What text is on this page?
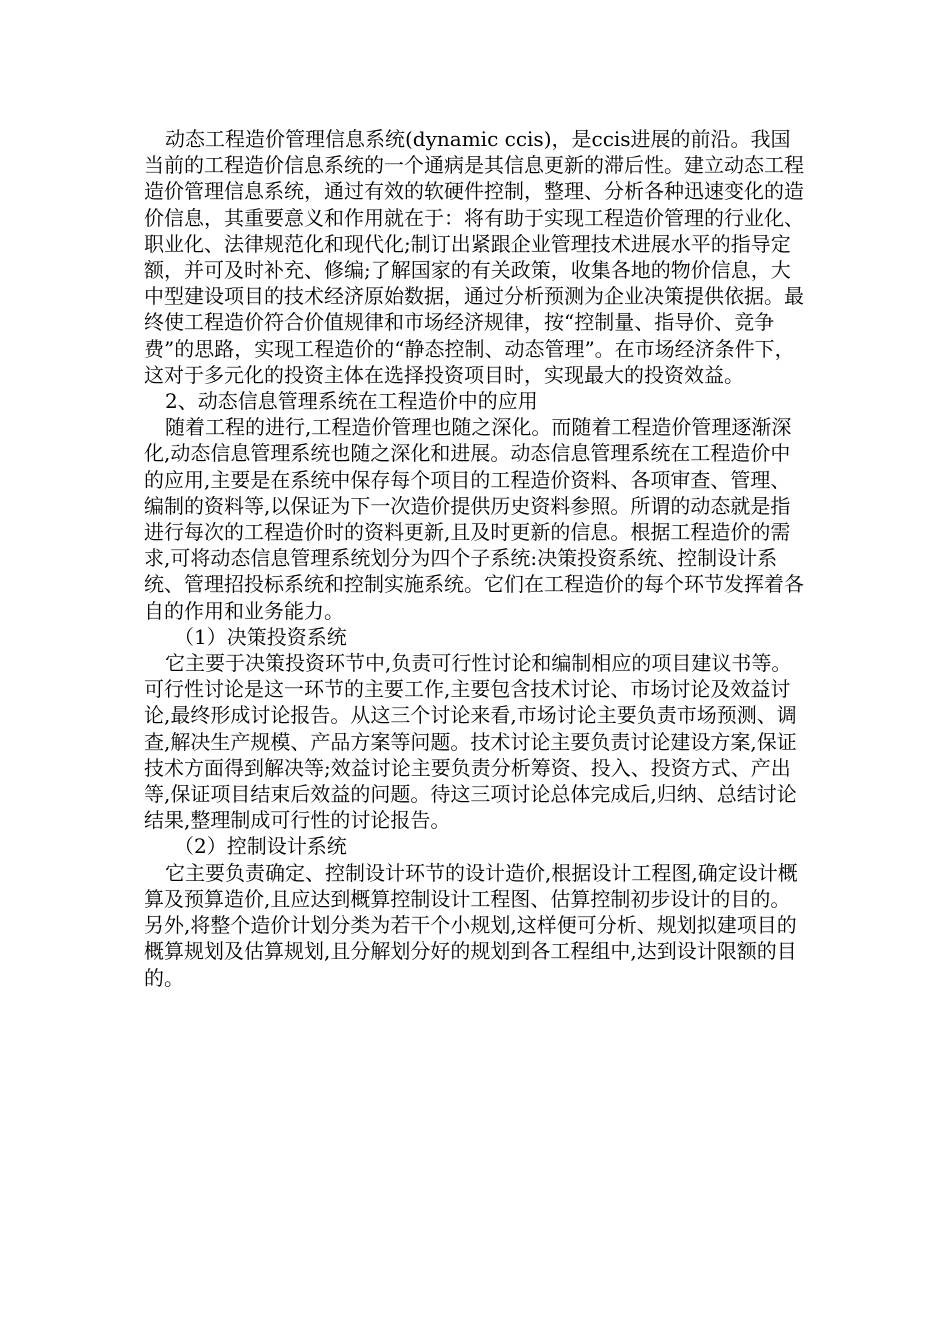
动态工程造价管理信息系统(dynamic ccis)，是ccis进展的前沿。我国当前的工程造价信息系统的一个通病是其信息更新的滞后性。建立动态工程造价管理信息系统，通过有效的软硬件控制，整理、分析各种迅速变化的造价信息，其重要意义和作用就在于：将有助于实现工程造价管理的行业化、职业化、法律规范化和现代化;制订出紧跟企业管理技术进展水平的指导定额，并可及时补充、修编;了解国家的有关政策，收集各地的物价信息，大中型建设项目的技术经济原始数据，通过分析预测为企业决策提供依据。最终使工程造价符合价值规律和市场经济规律，按“控制量、指导价、竞争费”的思路，实现工程造价的“静态控制、动态管理”。在市场经济条件下，这对于多元化的投资主体在选择投资项目时，实现最大的投资效益。

2、动态信息管理系统在工程造价中的应用

随着工程的进行,工程造价管理也随之深化。而随着工程造价管理逐渐深化,动态信息管理系统也随之深化和进展。动态信息管理系统在工程造价中的应用,主要是在系统中保存每个项目的工程造价资料、各项审查、管理、编制的资料等,以保证为下一次造价提供历史资料参照。所谓的动态就是指进行每次的工程造价时的资料更新,且及时更新的信息。根据工程造价的需求,可将动态信息管理系统划分为四个子系统:决策投资系统、控制设计系统、管理招投标系统和控制实施系统。它们在工程造价的每个环节发挥着各自的作用和业务能力。

（1）决策投资系统

它主要于决策投资环节中,负责可行性讨论和编制相应的项目建议书等。可行性讨论是这一环节的主要工作,主要包含技术讨论、市场讨论及效益讨论,最终形成讨论报告。从这三个讨论来看,市场讨论主要负责市场预测、调查,解决生产规模、产品方案等问题。技术讨论主要负责讨论建设方案,保证技术方面得到解决等;效益讨论主要负责分析筹资、投入、投资方式、产出等,保证项目结束后效益的问题。待这三项讨论总体完成后,归纳、总结讨论结果,整理制成可行性的讨论报告。

（2）控制设计系统

它主要负责确定、控制设计环节的设计造价,根据设计工程图,确定设计概算及预算造价,且应达到概算控制设计工程图、估算控制初步设计的目的。另外,将整个造价计划分类为若干个小规划,这样便可分析、规划拟建项目的概算规划及估算规划,且分解划分好的规划到各工程组中,达到设计限额的目的。
